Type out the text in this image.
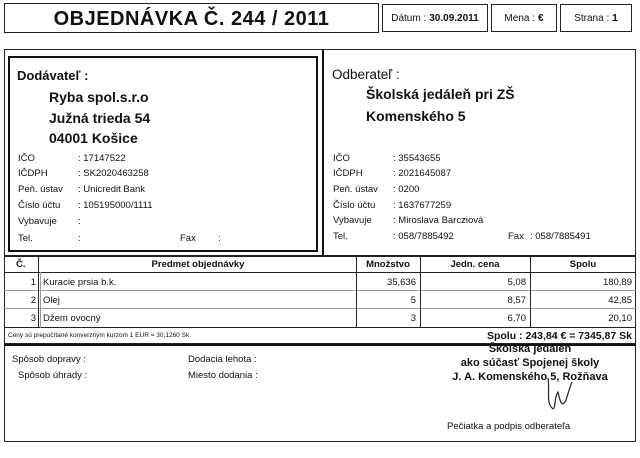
OBJEDNÁVKA Č. 244 / 2011	Dátum : 30.09.2011	Mena : €	Strana : 1
Dodávateľ :
Ryba spol.s.r.o
Južná trieda 54
04001 Košice
IČO	: 17147522
IČDPH	: SK2020463258
Peň. ústav : Unicredit Bank
Číslo účtu : 105195000/1111
Vybavuje :
Tel.	:	Fax :
Odberateľ :
Školská jedáleň pri ZŠ
Komenského 5
IČO	: 35543655
IČDPH	: 2021645087
Peň. ústav : 0200
Číslo účtu : 1637677259
Vybavuje : Miroslava Barcziová
Tel.	: 058/7885492	Fax : 058/7885491
Č.	Predmet objednávky	Množstvo	Jedn. cena	Spolu
1 Kuracie prsia b.k.	35,636	5,08	180,89
2 Olej	5	8,57	42,85
3 Džem ovocný	3	6,70	20,10
Ceny sú prepočítané konverzným kurzom 1 EUR = 30,1260 Sk.	Spolu : 243,84 € = 7345,87 Sk
Spôsob dopravy :
Spôsob úhrady :
Dodacia lehota :
Miesto dodania :
Školská jedáleň
ako súčasť Spojenej školy
J. A. Komenského 5, Rožňava
Pečiatka a podpis odberateľa
